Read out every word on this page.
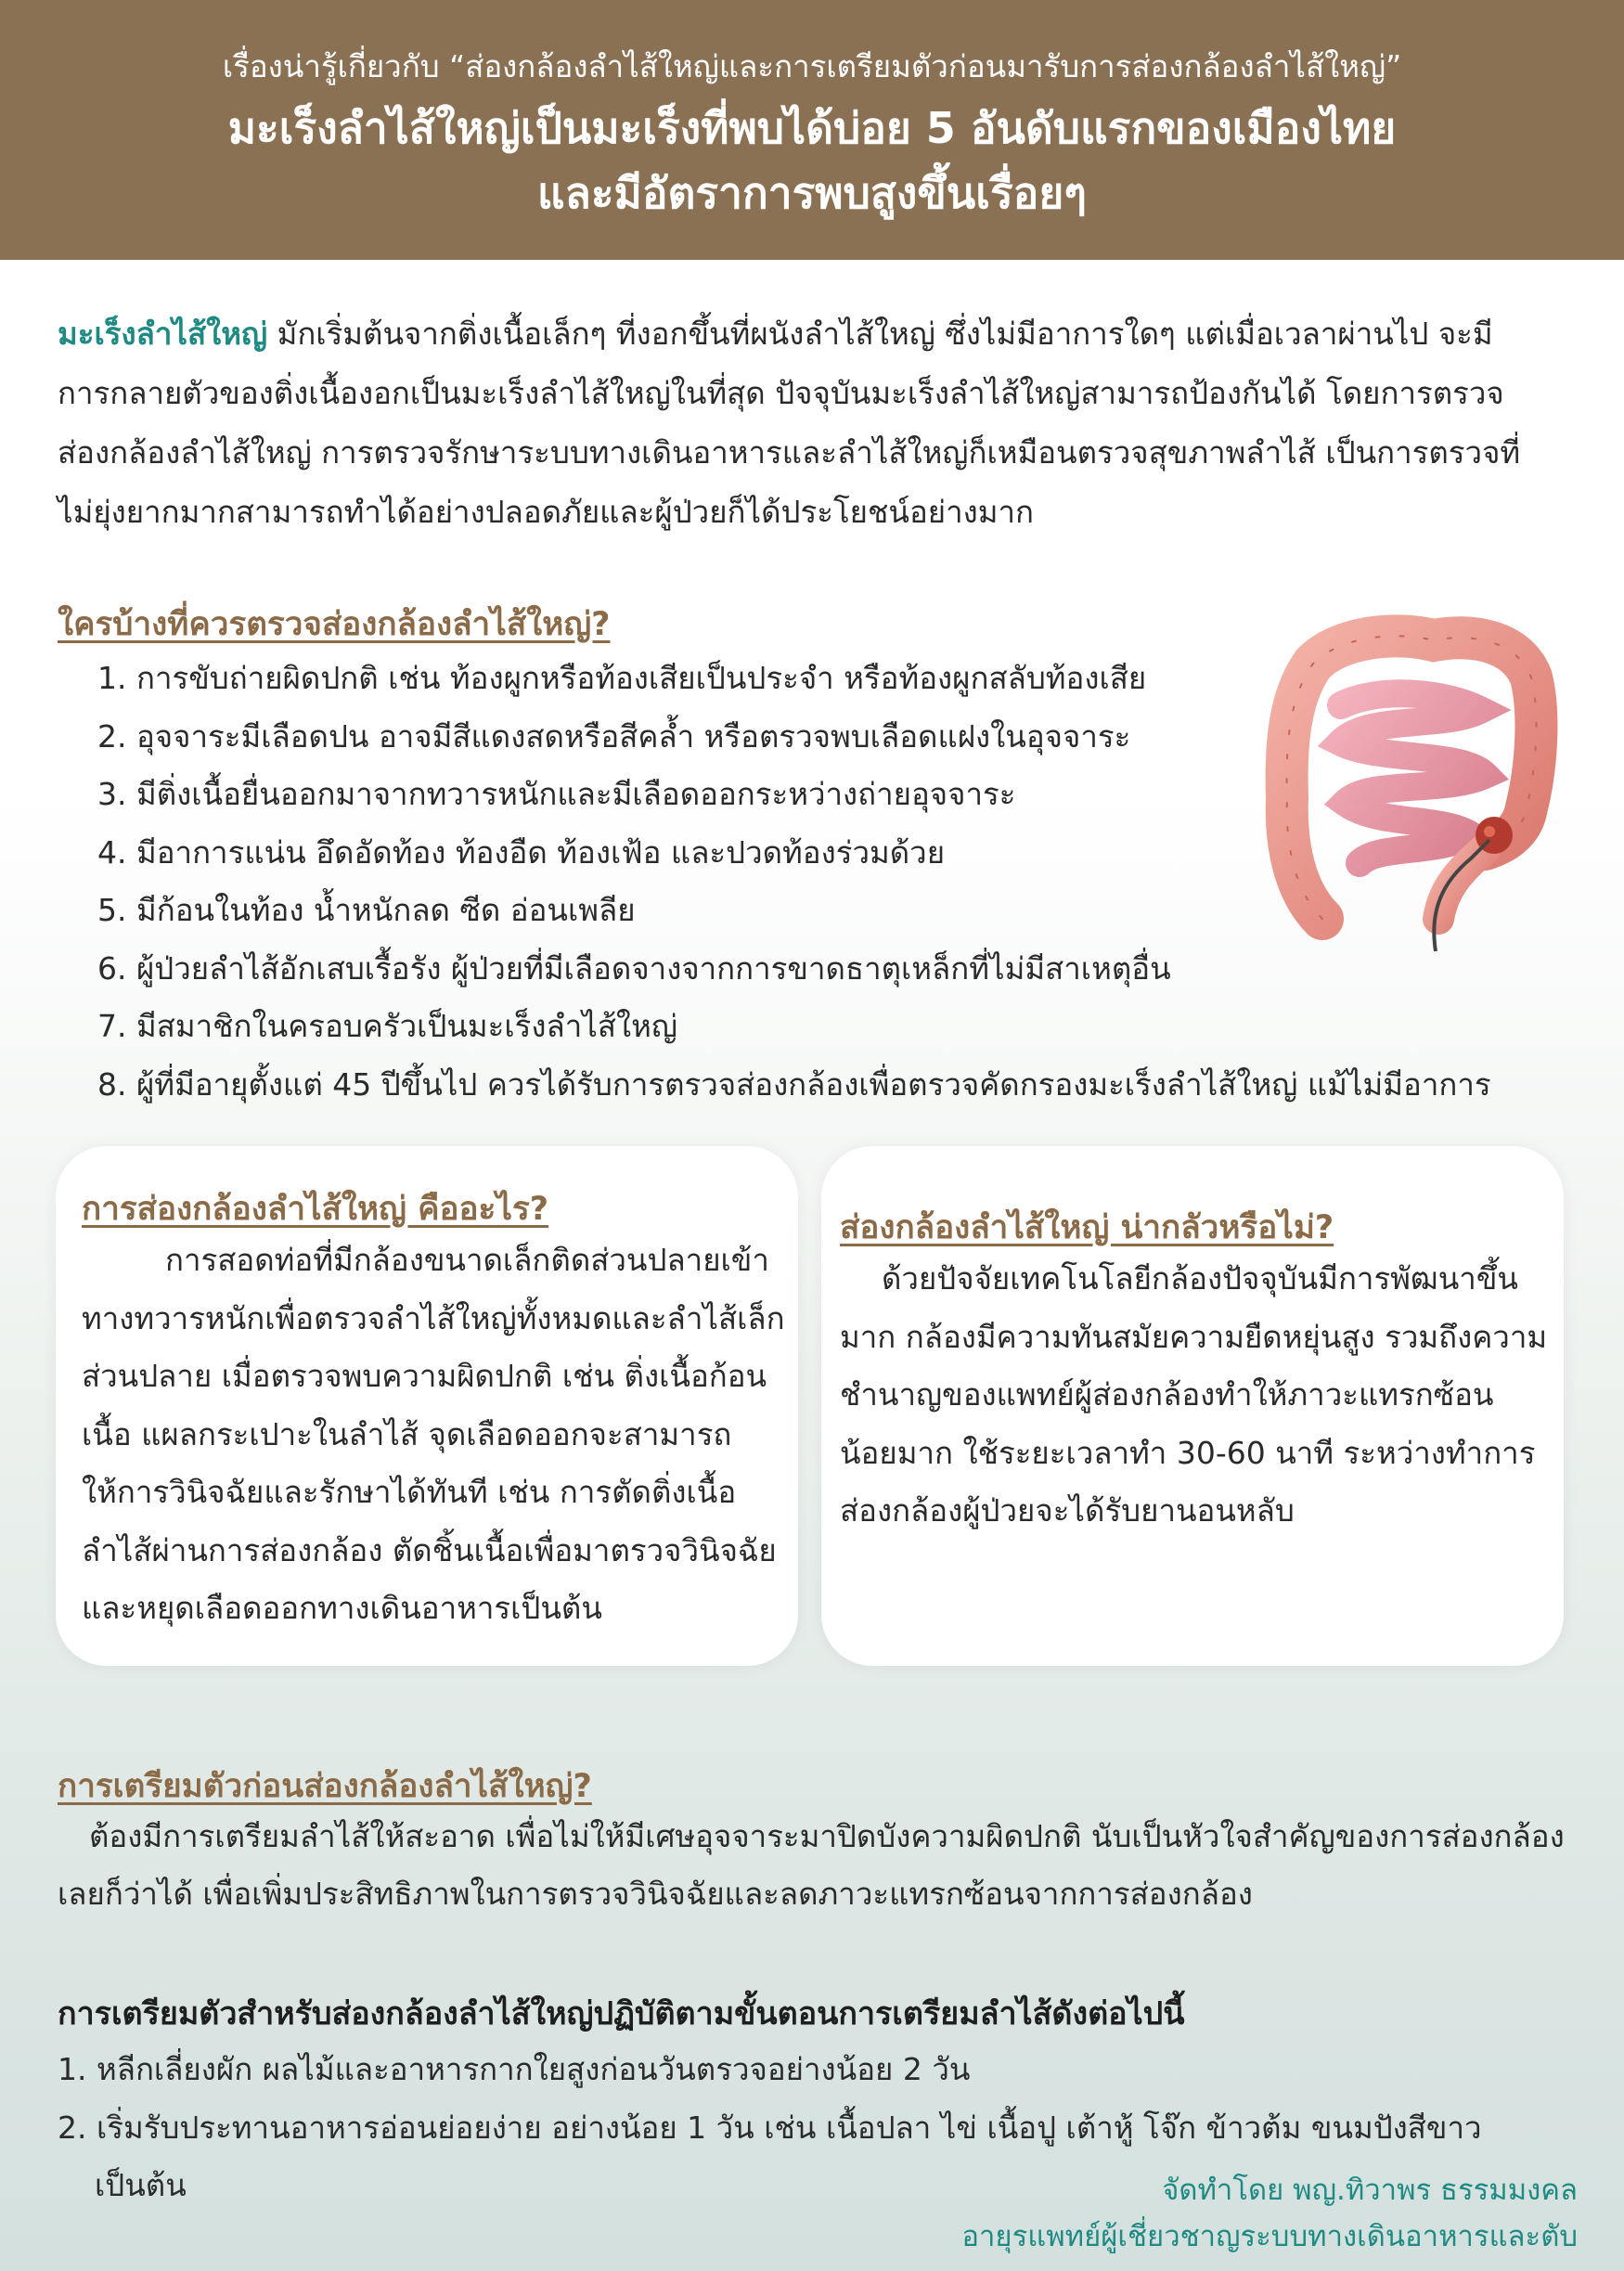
เรื่องน่ารู้เกี่ยวกับ “ส่องกล้องลำไส้ใหญ่และการเตรียมตัวก่อนมารับการส่องกล้องลำไส้ใหญ่”
มะเร็งลำไส้ใหญ่เป็นมะเร็งที่พบได้บ่อย 5 อันดับแรกของเมืองไทย
และมีอัตราการพบสูงขึ้นเรื่อยๆ
มะเร็งลำไส้ใหญ่ มักเริ่มต้นจากติ่งเนื้อเล็กๆ ที่งอกขึ้นที่ผนังลำไส้ใหญ่ ซึ่งไม่มีอาการใดๆ แต่เมื่อเวลาผ่านไป จะมีการกลายตัวของติ่งเนื้องอกเป็นมะเร็งลำไส้ใหญ่ในที่สุด ปัจจุบันมะเร็งลำไส้ใหญ่สามารถป้องกันได้ โดยการตรวจส่องกล้องลำไส้ใหญ่ การตรวจรักษาระบบทางเดินอาหารและลำไส้ใหญ่ก็เหมือนตรวจสุขภาพลำไส้ เป็นการตรวจที่ไม่ยุ่งยากมากสามารถทำได้อย่างปลอดภัยและผู้ป่วยก็ได้ประโยชน์อย่างมาก
ใครบ้างที่ควรตรวจส่องกล้องลำไส้ใหญ่?
1. การขับถ่ายผิดปกติ เช่น ท้องผูกหรือท้องเสียเป็นประจำ หรือท้องผูกสลับท้องเสีย
2. อุจจาระมีเลือดปน อาจมีสีแดงสดหรือสีคล้ำ หรือตรวจพบเลือดแฝงในอุจจาระ
3. มีติ่งเนื้อยื่นออกมาจากทวารหนักและมีเลือดออกระหว่างถ่ายอุจจาระ
4. มีอาการแน่น อึดอัดท้อง ท้องอืด ท้องเฟ้อ และปวดท้องร่วมด้วย
5. มีก้อนในท้อง น้ำหนักลด ซีด อ่อนเพลีย
6. ผู้ป่วยลำไส้อักเสบเรื้อรัง ผู้ป่วยที่มีเลือดจางจากการขาดธาตุเหล็กที่ไม่มีสาเหตุอื่น
7. มีสมาชิกในครอบครัวเป็นมะเร็งลำไส้ใหญ่
8. ผู้ที่มีอายุตั้งแต่ 45 ปีขึ้นไป ควรได้รับการตรวจส่องกล้องเพื่อตรวจคัดกรองมะเร็งลำไส้ใหญ่ แม้ไม่มีอาการ
การส่องกล้องลำไส้ใหญ่ คืออะไร?
การสอดท่อที่มีกล้องขนาดเล็กติดส่วนปลายเข้าทางทวารหนักเพื่อตรวจลำไส้ใหญ่ทั้งหมดและลำไส้เล็กส่วนปลาย เมื่อตรวจพบความผิดปกติ เช่น ติ่งเนื้อก้อนเนื้อ แผลกระเปาะในลำไส้ จุดเลือดออกจะสามารถให้การวินิจฉัยและรักษาได้ทันที เช่น การตัดติ่งเนื้อลำไส้ผ่านการส่องกล้อง ตัดชิ้นเนื้อเพื่อมาตรวจวินิจฉัย และหยุดเลือดออกทางเดินอาหารเป็นต้น
ส่องกล้องลำไส้ใหญ่ น่ากลัวหรือไม่?
ด้วยปัจจัยเทคโนโลยีกล้องปัจจุบันมีการพัฒนาขึ้นมาก กล้องมีความทันสมัยความยืดหยุ่นสูง รวมถึงความชำนาญของแพทย์ผู้ส่องกล้องทำให้ภาวะแทรกซ้อนน้อยมาก ใช้ระยะเวลาทำ 30-60 นาที ระหว่างทำการส่องกล้องผู้ป่วยจะได้รับยานอนหลับ
การเตรียมตัวก่อนส่องกล้องลำไส้ใหญ่?
ต้องมีการเตรียมลำไส้ให้สะอาด เพื่อไม่ให้มีเศษอุจจาระมาปิดบังความผิดปกติ นับเป็นหัวใจสำคัญของการส่องกล้องเลยก็ว่าได้ เพื่อเพิ่มประสิทธิภาพในการตรวจวินิจฉัยและลดภาวะแทรกซ้อนจากการส่องกล้อง
การเตรียมตัวสำหรับส่องกล้องลำไส้ใหญ่ปฏิบัติตามขั้นตอนการเตรียมลำไส้ดังต่อไปนี้
1. หลีกเลี่ยงผัก ผลไม้และอาหารกากใยสูงก่อนวันตรวจอย่างน้อย 2 วัน
2. เริ่มรับประทานอาหารอ่อนย่อยง่าย อย่างน้อย 1 วัน เช่น เนื้อปลา ไข่ เนื้อปู เต้าหู้ โจ๊ก ข้าวต้ม ขนมปังสีขาว
เป็นต้น	จัดทำโดย พญ.ทิวาพร ธรรมมงคล
อายุรแพทย์ผู้เชี่ยวชาญระบบทางเดินอาหารและตับ
